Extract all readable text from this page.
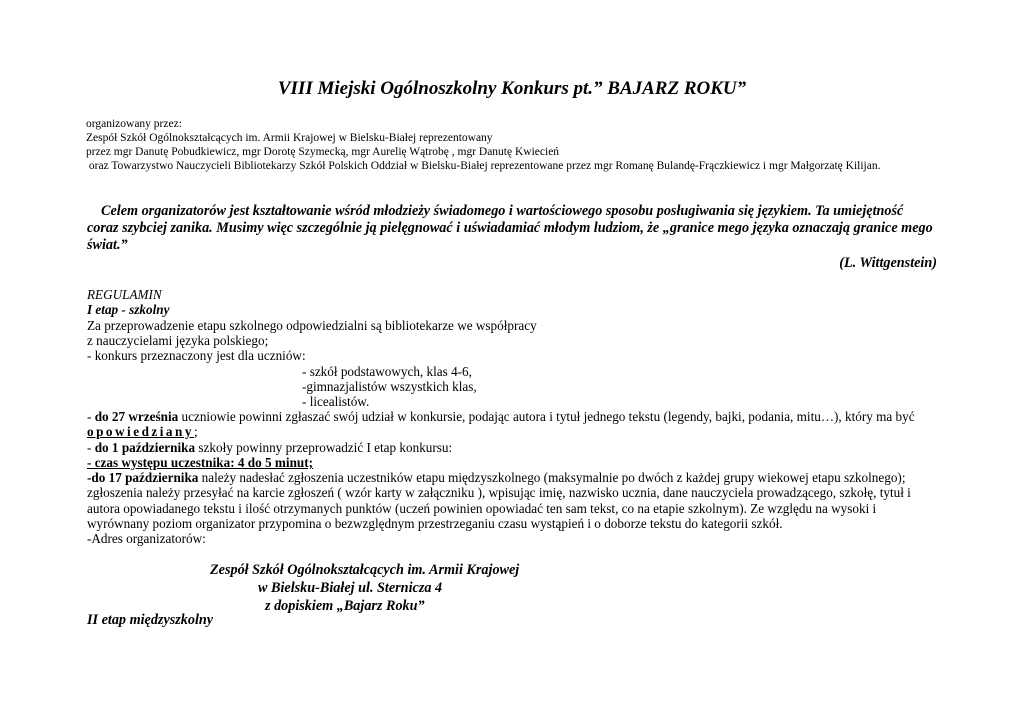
VIII Miejski Ogólnoszkolny Konkurs pt.” BAJARZ ROKU”
organizowany przez:
Zespół Szkół Ogólnokształcących im. Armii Krajowej w Bielsku-Białej reprezentowany
przez mgr Danutę Pobudkiewicz, mgr Dorotę Szymecką, mgr Aurelię Wątrobę , mgr Danutę Kwiecień
oraz Towarzystwo Nauczycieli Bibliotekarzy Szkół Polskich Oddział w Bielsku-Białej reprezentowane przez mgr Romanę Bulandę-Frączkiewicz i mgr Małgorzatę Kilijan.
Celem organizatorów jest kształtowanie wśród młodzieży świadomego i wartościowego sposobu posługiwania się językiem. Ta umiejętność coraz szybciej zanika. Musimy więc szczególnie ją pielęgnować i uświadamiać młodym ludziom, że „granice mego języka oznaczają granice mego świat.”
(L. Wittgenstein)
REGULAMIN
I etap - szkolny
Za przeprowadzenie etapu szkolnego odpowiedzialni są bibliotekarze we współpracy
z nauczycielami języka polskiego;
- konkurs przeznaczony jest dla uczniów:
- szkół podstawowych, klas 4-6,
-gimnazjalistów wszystkich klas,
- licealistów.
- do 27 września uczniowie powinni zgłaszać swój udział w konkursie, podając autora i tytuł jednego tekstu (legendy, bajki, podania, mitu…), który ma być
opowiedziany;
- do 1 października szkoły powinny przeprowadzić I etap konkursu:
- czas występu uczestnika: 4 do 5 minut;
-do 17 października należy nadesłać zgłoszenia uczestników etapu międzyszkolnego (maksymalnie po dwóch z każdej grupy wiekowej etapu szkolnego);
zgłoszenia należy przesyłać na karcie zgłoszeń ( wzór karty w załączniku ), wpisując imię, nazwisko ucznia, dane nauczyciela prowadzącego, szkołę, tytuł i
autora opowiadanego tekstu i ilość otrzymanych punktów (uczeń powinien opowiadać ten sam tekst, co na etapie szkolnym). Ze względu na wysoki i
wyrównany poziom organizator przypomina o bezwzględnym przestrzeganiu czasu wystąpień i o doborze tekstu do kategorii szkół.
-Adres organizatorów:
Zespół Szkół Ogólnokształcących im. Armii Krajowej
w Bielsku-Białej ul. Sternicza 4
z dopiskiem „Bajarz Roku”
II etap międzyszkolny
